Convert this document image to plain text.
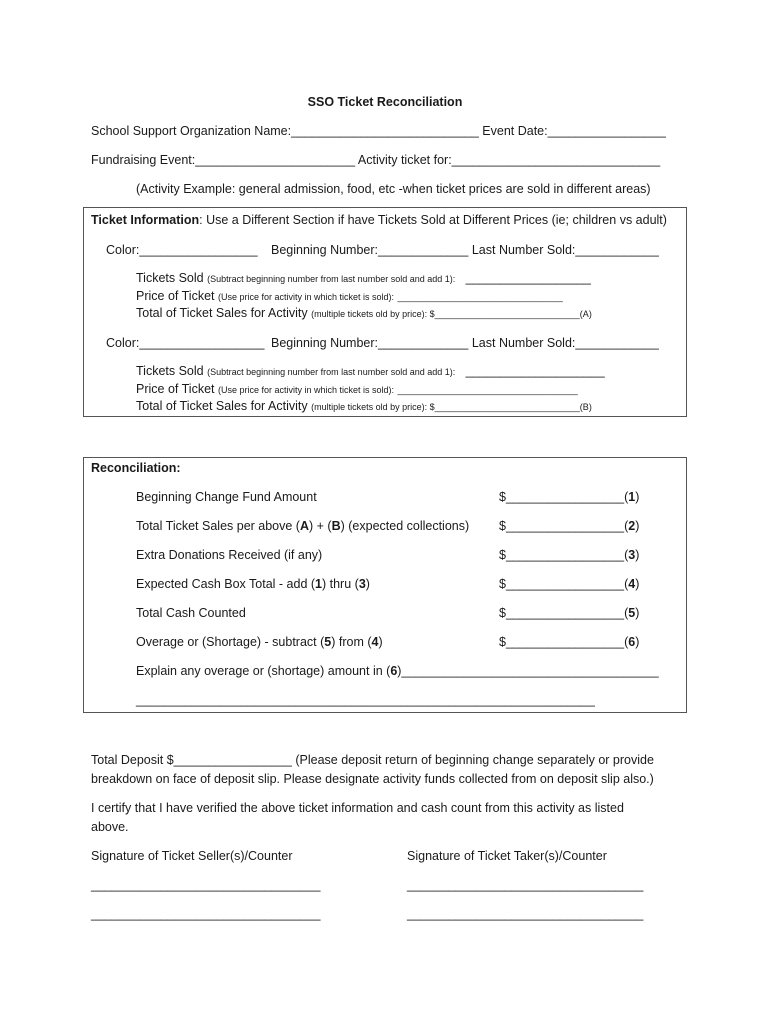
SSO Ticket Reconciliation
School Support Organization Name:___________________________ Event Date:_________________
Fundraising Event:_______________________ Activity ticket for:______________________________
(Activity Example: general admission, food, etc -when ticket prices are sold in different areas)
Ticket Information: Use a Different Section if have Tickets Sold at Different Prices (ie; children vs adult)
Color:_________________ Beginning Number:_____________ Last Number Sold:____________
Tickets Sold (Subtract beginning number from last number sold and add 1): __________________
Price of Ticket (Use price for activity in which ticket is sold): _________________________________
Total of Ticket Sales for Activity (multiple tickets old by price): $_____________________________(A)
Color:__________________ Beginning Number:_____________ Last Number Sold:____________
Tickets Sold (Subtract beginning number from last number sold and add 1): ____________________
Price of Ticket (Use price for activity in which ticket is sold): ____________________________________
Total of Ticket Sales for Activity (multiple tickets old by price): $_____________________________(B)
Reconciliation:
Beginning Change Fund Amount	$_________________(1)
Total Ticket Sales per above (A) + (B) (expected collections) $_________________(2)
Extra Donations Received (if any)	$_________________(3)
Expected Cash Box Total - add (1) thru (3)	$_________________(4)
Total Cash Counted	$_________________(5)
Overage or (Shortage) - subtract (5) from (4)	$_________________(6)
Explain any overage or (shortage) amount in (6)_____________________________________
__________________________________________________________________
Total Deposit $_________________ (Please deposit return of beginning change separately or provide
breakdown on face of deposit slip. Please designate activity funds collected from on deposit slip also.)
I certify that I have verified the above ticket information and cash count from this activity as listed
above.
Signature of Ticket Seller(s)/Counter	Signature of Ticket Taker(s)/Counter
_________________________________	__________________________________
_________________________________	__________________________________
